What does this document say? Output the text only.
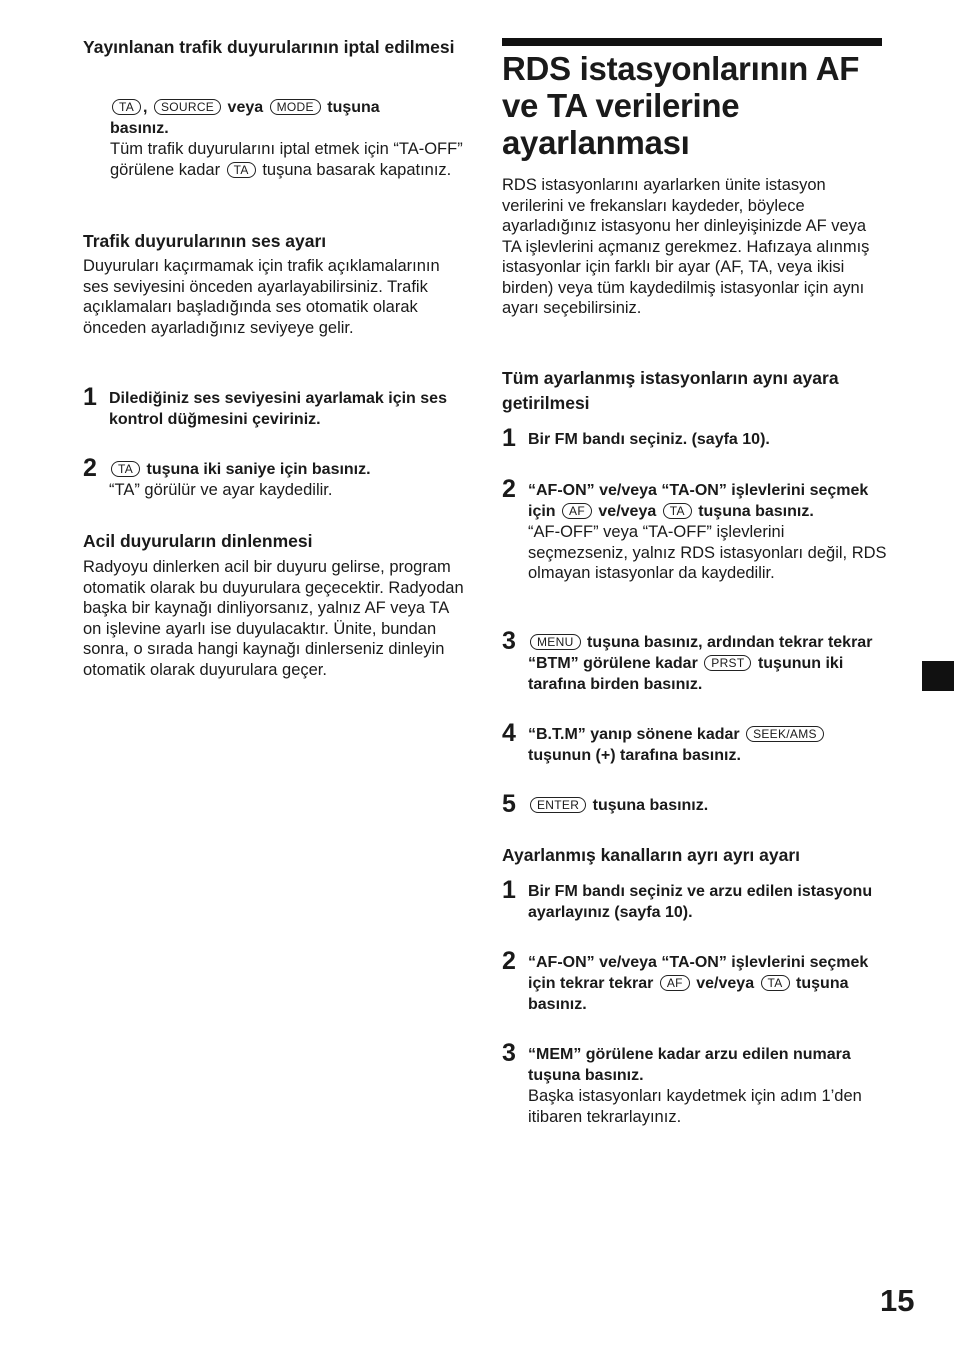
Yayınlanan trafik duyurularının iptal edilmesi

TA , SOURCE veya MODE tuşuna
basınız.

Tüm trafik duyurularını iptal etmek için “TA-OFF” görülene kadar TA tuşuna basarak kapatınız.

Trafik duyurularının ses ayarı

Duyuruları kaçırmamak için trafik açıklamalarının ses seviyesini önceden ayarlayabilirsiniz. Trafik açıklamaları başladığında ses otomatik olarak önceden ayarladığınız seviyeye gelir.

1 Dilediğiniz ses seviyesini ayarlamak için ses kontrol düğmesini çeviriniz.
2	TA tuşuna iki saniye için basınız.
“TA” görülür ve ayar kaydedilir.

Acil duyuruların dinlenmesi

Radyoyu dinlerken acil bir duyuru gelirse, program otomatik olarak bu duyurulara geçecektir. Radyodan başka bir kaynağı dinliyorsanız, yalnız AF veya TA on işlevine ayarlı ise duyulacaktır. Ünite, bundan sonra, o sırada hangi kaynağı dinlerseniz dinleyin otomatik olarak duyurulara geçer.

RDS istasyonlarının AF ve TA verilerine ayarlanması

RDS istasyonlarını ayarlarken ünite istasyon verilerini ve frekansları kaydeder, böylece ayarladığınız istasyonu her dinleyişinizde AF veya TA işlevlerini açmanız gerekmez. Hafızaya alınmış istasyonlar için farklı bir ayar (AF, TA, veya ikisi birden) veya tüm kaydedilmiş istasyonlar için aynı ayarı seçebilirsiniz.

Tüm ayarlanmış istasyonların aynı ayara getirilmesi

1 Bir FM bandı seçiniz. (sayfa 10).
2 “AF-ON” ve/veya “TA-ON” işlevlerini seçmek için AF ve/veya TA tuşuna basınız.
“AF-OFF” veya “TA-OFF” işlevlerini seçmezseniz, yalnız RDS istasyonları değil, RDS olmayan istasyonlar da kaydedilir.
3	MENU tuşuna basınız, ardından tekrar tekrar “BTM” görülene kadar PRST tuşunun iki tarafına birden basınız.
4 “B.T.M” yanıp sönene kadar SEEK/AMS tuşunun (+) tarafına basınız.
5	ENTER tuşuna basınız.

Ayarlanmış kanalların ayrı ayrı ayarı

1 Bir FM bandı seçiniz ve arzu edilen istasyonu ayarlayınız (sayfa 10).
2 “AF-ON” ve/veya “TA-ON” işlevlerini seçmek için tekrar tekrar AF ve/veya TA tuşuna basınız.
3 “MEM” görülene kadar arzu edilen numara tuşuna basınız.
Başka istasyonları kaydetmek için adım 1’den itibaren tekrarlayınız.
15
